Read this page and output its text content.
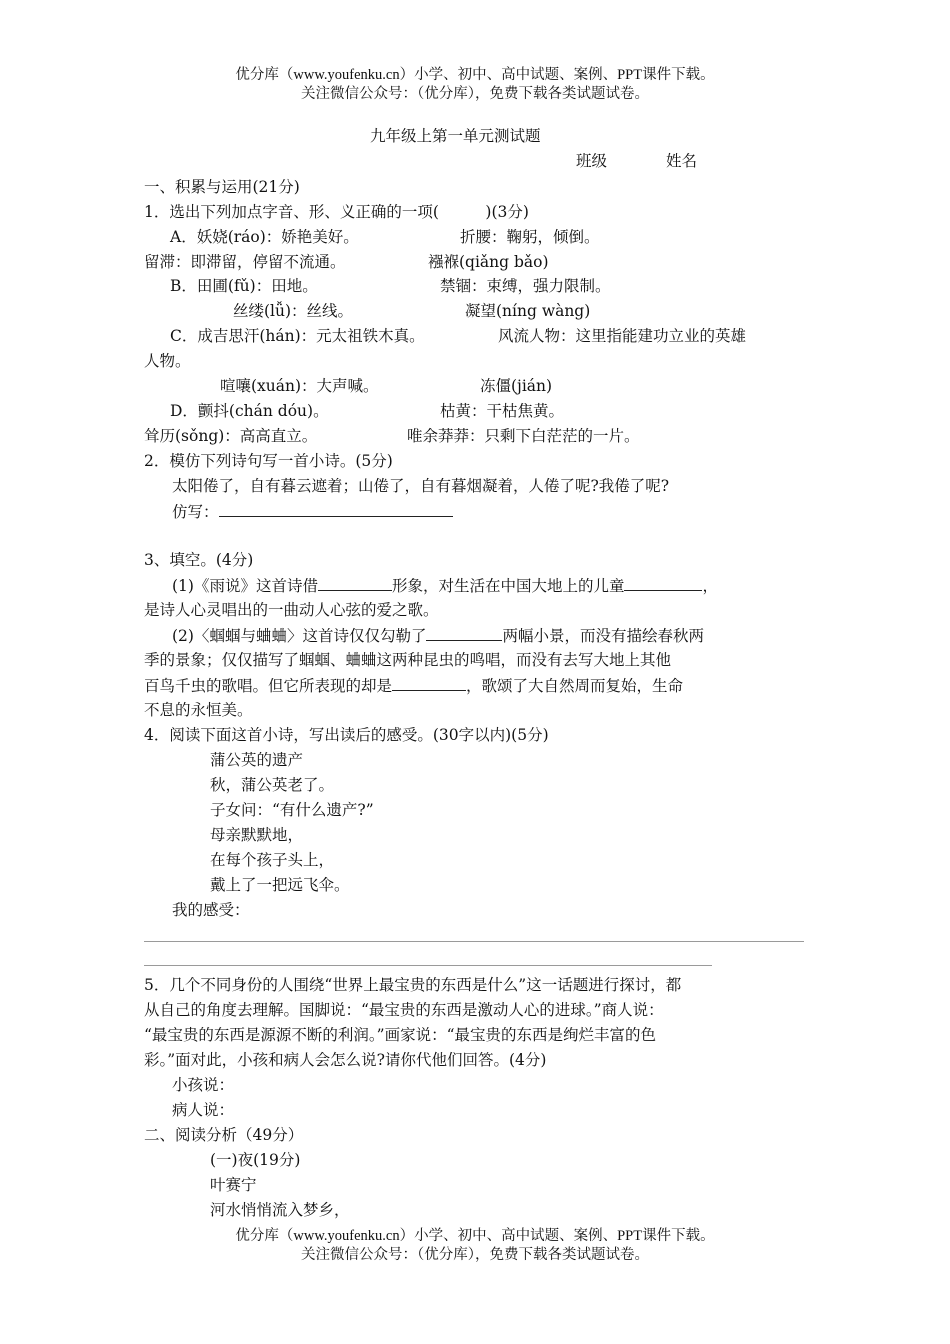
优分库（www.youfenku.cn）小学、初中、高中试题、案例、PPT课件下载。
关注微信公众号：（优分库），免费下载各类试题试卷。
九年级上第一单元测试题
班级	姓名
一、积累与运用(21分)
1．选出下列加点字音、形、义正确的一项(　　　)(3分)
A．妖娆(ráo)：娇艳美好。	折腰：鞠躬，倾倒。
留滞：即滞留，停留不流通。	襁褓(qiǎng bǎo)
B．田圃(fǔ)：田地。	禁锢：束缚，强力限制。
丝缕(lǚ)：丝线。	凝望(níng wàng)
C．成吉思汗(hán)：元太祖铁木真。	风流人物：这里指能建功立业的英雄
人物。
喧嚷(xuán)：大声喊。	冻僵(jián)
D．颤抖(chán dóu)。	枯黄：干枯焦黄。
耸历(sǒng)：高高直立。	唯余莽莽：只剩下白茫茫的一片。
2．模仿下列诗句写一首小诗。(5分)
太阳倦了，自有暮云遮着；山倦了，自有暮烟凝着，人倦了呢?我倦了呢?
仿写：
3、填空。(4分)
(1)《雨说》这首诗借	形象，对生活在中国大地上的儿童	，
是诗人心灵唱出的一曲动人心弦的爱之歌。
(2)〈蝈蝈与蛐蛐〉这首诗仅仅勾勒了	两幅小景，而没有描绘春秋两
季的景象；仅仅描写了蝈蝈、蛐蛐这两种昆虫的鸣唱，而没有去写大地上其他
百鸟千虫的歌唱。但它所表现的却是	，歌颂了大自然周而复始，生命
不息的永恒美。
4．阅读下面这首小诗，写出读后的感受。(30字以内)(5分)
蒲公英的遗产
秋，蒲公英老了。
子女问：“有什么遗产?”
母亲默默地，
在每个孩子头上，
戴上了一把远飞伞。
我的感受：
5．几个不同身份的人围绕“世界上最宝贵的东西是什么”这一话题进行探讨，都
从自己的角度去理解。国脚说：“最宝贵的东西是激动人心的进球。”商人说：
“最宝贵的东西是源源不断的利润。”画家说：“最宝贵的东西是绚烂丰富的色
彩。”面对此，小孩和病人会怎么说?请你代他们回答。(4分)
小孩说：
病人说：
二、阅读分析（49分）
(一)夜(19分)
叶赛宁
河水悄悄流入梦乡，
优分库（www.youfenku.cn）小学、初中、高中试题、案例、PPT课件下载。
关注微信公众号：（优分库），免费下载各类试题试卷。
